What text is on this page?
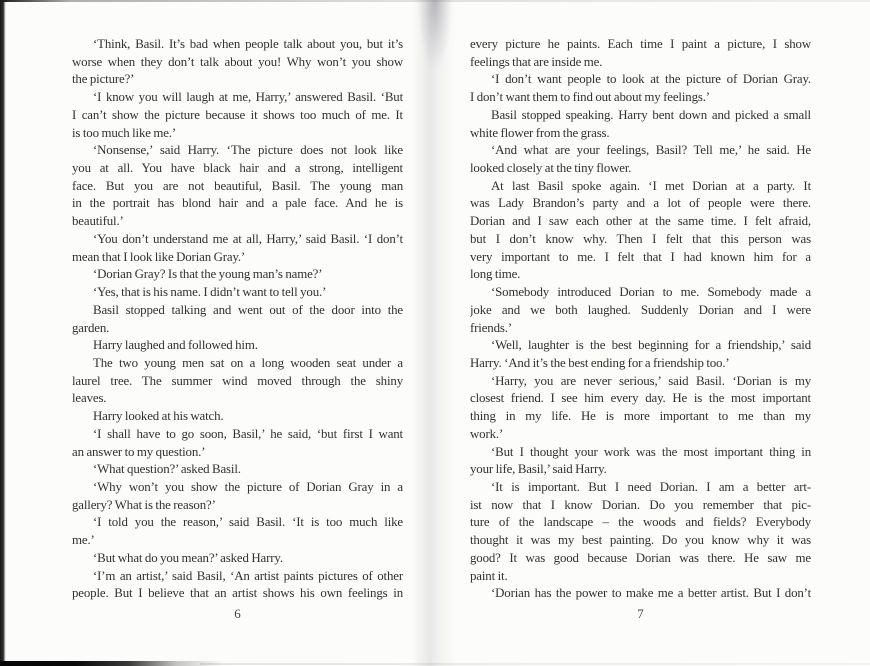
‘Think, Basil. It’s bad when people talk about you, but it’s
worse when they don’t talk about you! Why won’t you show
the picture?’
‘I know you will laugh at me, Harry,’ answered Basil. ‘But
I can’t show the picture because it shows too much of me. It
is too much like me.’
‘Nonsense,’ said Harry. ‘The picture does not look like
you at all. You have black hair and a strong, intelligent
face. But you are not beautiful, Basil. The young man
in the portrait has blond hair and a pale face. And he is
beautiful.’
‘You don’t understand me at all, Harry,’ said Basil. ‘I don’t
mean that I look like Dorian Gray.’
‘Dorian Gray? Is that the young man’s name?’
‘Yes, that is his name. I didn’t want to tell you.’
Basil stopped talking and went out of the door into the
garden.
Harry laughed and followed him.
The two young men sat on a long wooden seat under a
laurel tree. The summer wind moved through the shiny
leaves.
Harry looked at his watch.
‘I shall have to go soon, Basil,’ he said, ‘but first I want
an answer to my question.’
‘What question?’ asked Basil.
‘Why won’t you show the picture of Dorian Gray in a
gallery? What is the reason?’
‘I told you the reason,’ said Basil. ‘It is too much like
me.’
‘But what do you mean?’ asked Harry.
‘I’m an artist,’ said Basil, ‘An artist paints pictures of other
people. But I believe that an artist shows his own feelings in
6
every picture he paints. Each time I paint a picture, I show
feelings that are inside me.
‘I don’t want people to look at the picture of Dorian Gray.
I don’t want them to find out about my feelings.’
Basil stopped speaking. Harry bent down and picked a small
white flower from the grass.
‘And what are your feelings, Basil? Tell me,’ he said. He
looked closely at the tiny flower.
At last Basil spoke again. ‘I met Dorian at a party. It
was Lady Brandon’s party and a lot of people were there.
Dorian and I saw each other at the same time. I felt afraid,
but I don’t know why. Then I felt that this person was
very important to me. I felt that I had known him for a
long time.
‘Somebody introduced Dorian to me. Somebody made a
joke and we both laughed. Suddenly Dorian and I were
friends.’
‘Well, laughter is the best beginning for a friendship,’ said
Harry. ‘And it’s the best ending for a friendship too.’
‘Harry, you are never serious,’ said Basil. ‘Dorian is my
closest friend. I see him every day. He is the most important
thing in my life. He is more important to me than my
work.’
‘But I thought your work was the most important thing in
your life, Basil,’ said Harry.
‘It is important. But I need Dorian. I am a better art-
ist now that I know Dorian. Do you remember that pic-
ture of the landscape – the woods and fields? Everybody
thought it was my best painting. Do you know why it was
good? It was good because Dorian was there. He saw me
paint it.
‘Dorian has the power to make me a better artist. But I don’t
7
